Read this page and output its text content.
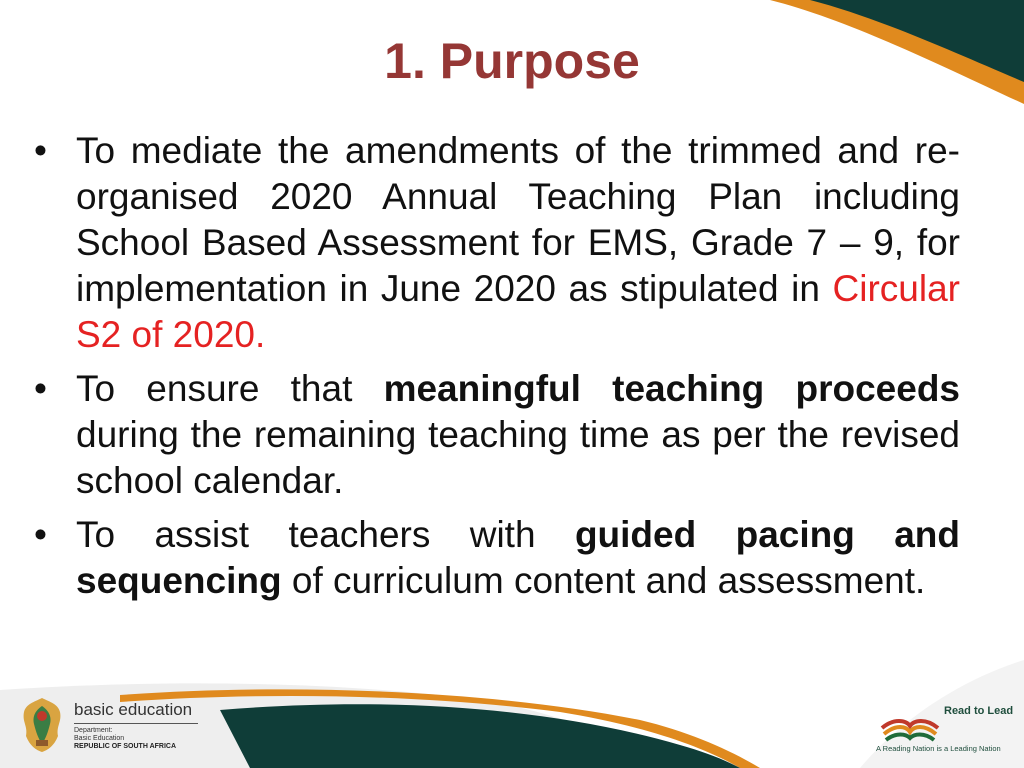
1. Purpose
• To mediate the amendments of the trimmed and re-organised 2020 Annual Teaching Plan including School Based Assessment for EMS, Grade 7 – 9, for implementation in June 2020 as stipulated in Circular S2 of 2020.
• To ensure that meaningful teaching proceeds during the remaining teaching time as per the revised school calendar.
• To assist teachers with guided pacing and sequencing of curriculum content and assessment.
basic education
Department:
Basic Education
REPUBLIC OF SOUTH AFRICA
Read to Lead
A Reading Nation is a Leading Nation
